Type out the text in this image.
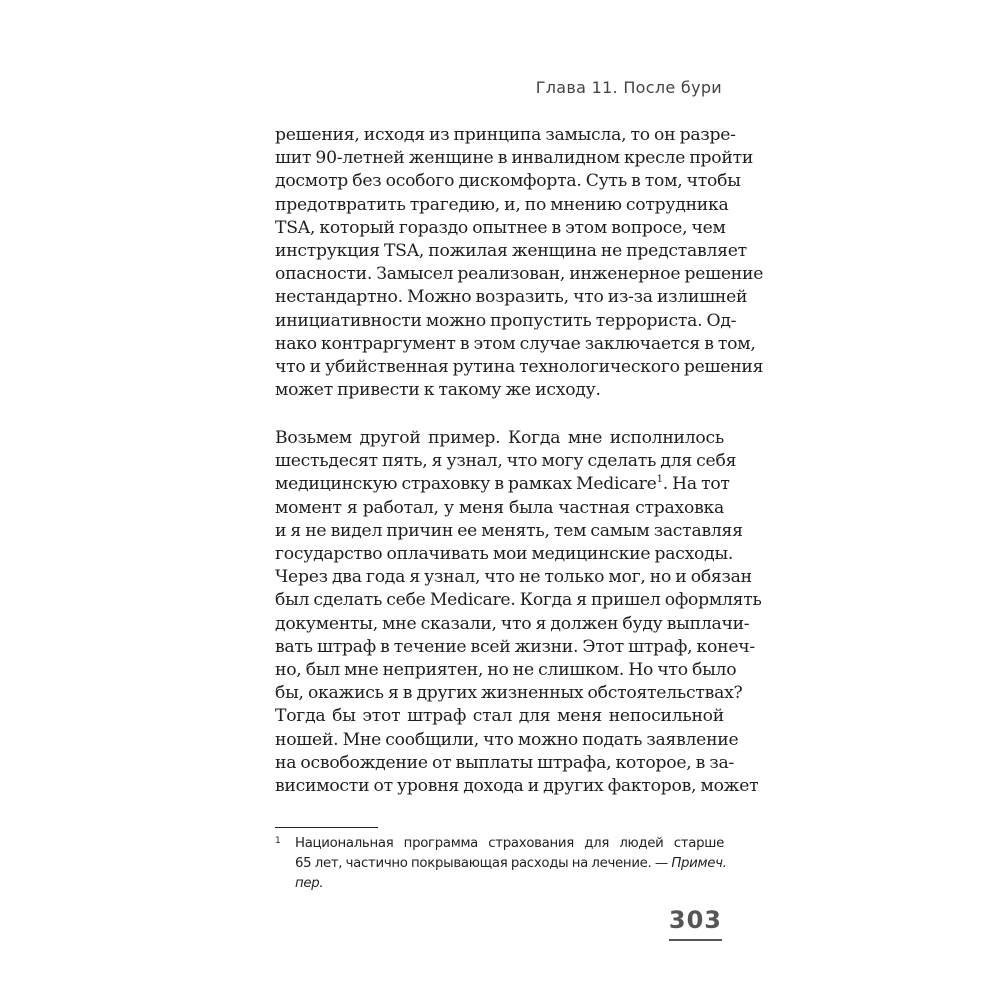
Глава 11. После бури
решения, исходя из принципа замысла, то он разре-
шит 90-летней женщине в инвалидном кресле пройти
досмотр без особого дискомфорта. Суть в том, чтобы
предотвратить трагедию, и, по мнению сотрудника
TSA, который гораздо опытнее в этом вопросе, чем
инструкция TSA, пожилая женщина не представляет
опасности. Замысел реализован, инженерное решение
нестандартно. Можно возразить, что из-за излишней
инициативности можно пропустить террориста. Од-
нако контраргумент в этом случае заключается в том,
что и убийственная рутина технологического решения
может привести к такому же исходу.
Возьмем другой пример. Когда мне исполнилось
шестьдесят пять, я узнал, что могу сделать для себя
медицинскую страховку в рамках Medicare$^1$. На тот
момент я работал, у меня была частная страховка
и я не видел причин ее менять, тем самым заставляя
государство оплачивать мои медицинские расходы.
Через два года я узнал, что не только мог, но и обязан
был сделать себе Medicare. Когда я пришел оформлять
документы, мне сказали, что я должен буду выплачи-
вать штраф в течение всей жизни. Этот штраф, конеч-
но, был мне неприятен, но не слишком. Но что было
бы, окажись я в других жизненных обстоятельствах?
Тогда бы этот штраф стал для меня непосильной
ношей. Мне сообщили, что можно подать заявление
на освобождение от выплаты штрафа, которое, в за-
висимости от уровня дохода и других факторов, может
1 Национальная программа страхования для людей старше
65 лет, частично покрывающая расходы на лечение. — Примеч.
пер.
303
